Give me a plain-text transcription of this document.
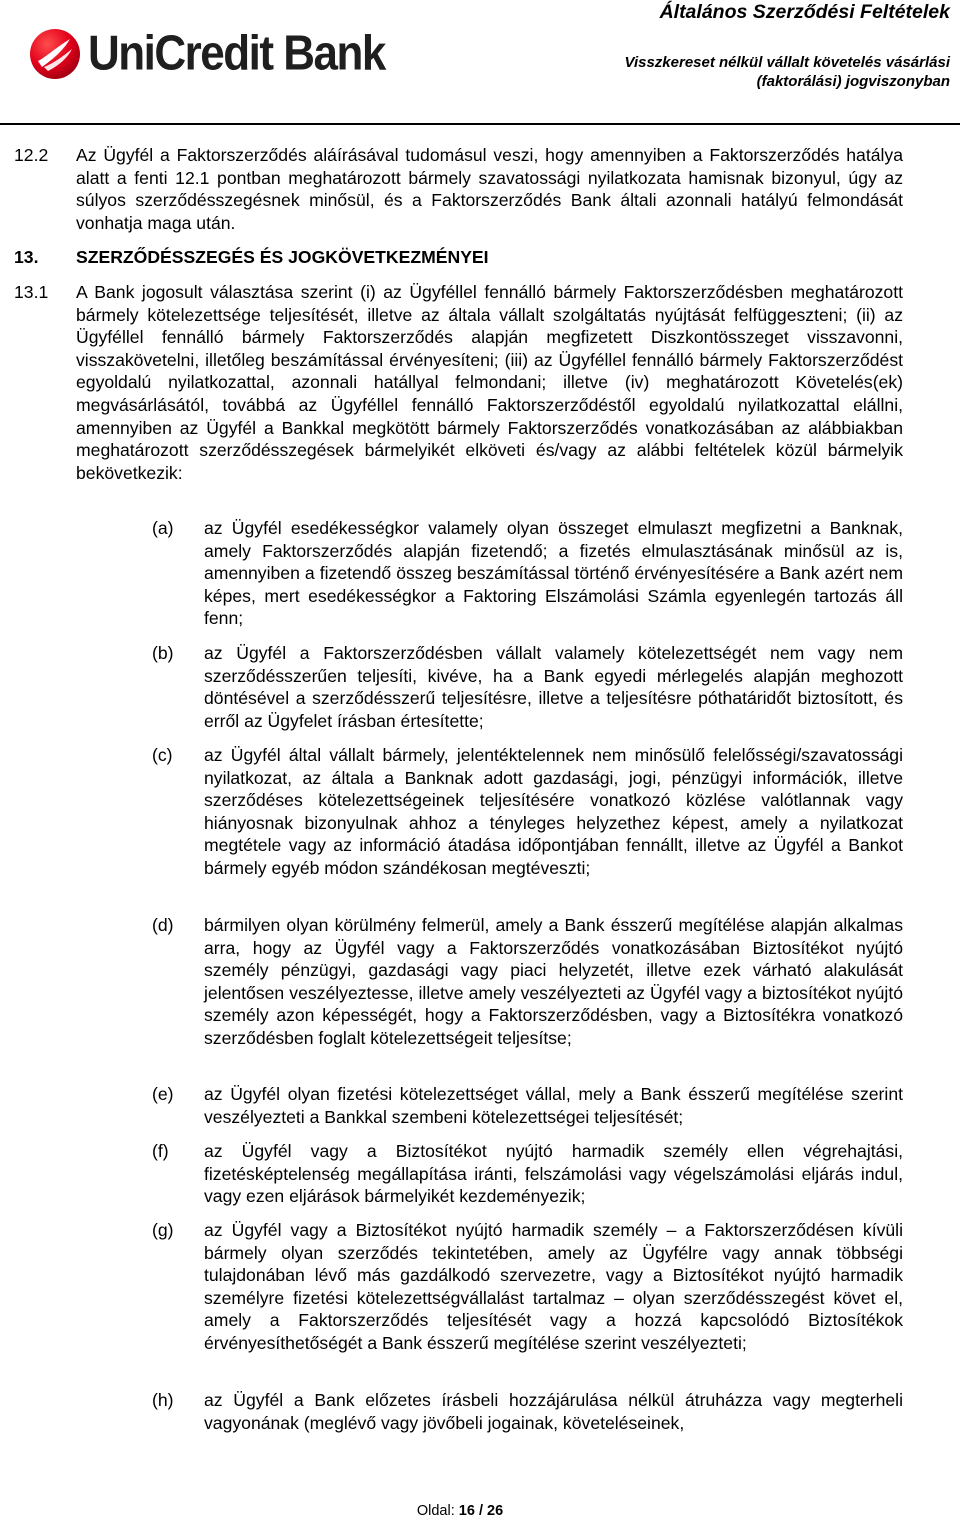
UniCredit Bank
Általános Szerződési Feltételek
Visszkereset nélkül vállalt követelés vásárlási (faktorálási) jogviszonyban
12.2 Az Ügyfél a Faktorszerződés aláírásával tudomásul veszi, hogy amennyiben a Faktorszerződés hatálya alatt a fenti 12.1 pontban meghatározott bármely szavatossági nyilatkozata hamisnak bizonyul, úgy az súlyos szerződésszegésnek minősül, és a Faktorszerződés Bank általi azonnali hatályú felmondását vonhatja maga után.
13. SZERZŐDÉSSZEGÉS ÉS JOGKÖVETKEZMÉNYEI
13.1 A Bank jogosult választása szerint (i) az Ügyféllel fennálló bármely Faktorszerződésben meghatározott bármely kötelezettsége teljesítését, illetve az általa vállalt szolgáltatás nyújtását felfüggeszteni; (ii) az Ügyféllel fennálló bármely Faktorszerződés alapján megfizetett Diszkontösszeget visszavonni, visszakövetelni, illetőleg beszámítással érvényesíteni; (iii) az Ügyféllel fennálló bármely Faktorszerződést egyoldalú nyilatkozattal, azonnali hatállyal felmondani; illetve (iv) meghatározott Követelés(ek) megvásárlásától, továbbá az Ügyféllel fennálló Faktorszerződéstől egyoldalú nyilatkozattal elállni, amennyiben az Ügyfél a Bankkal megkötött bármely Faktorszerződés vonatkozásában az alábbiakban meghatározott szerződésszegések bármelyikét elköveti és/vagy az alábbi feltételek közül bármelyik bekövetkezik:
(a) az Ügyfél esedékességkor valamely olyan összeget elmulaszt megfizetni a Banknak, amely Faktorszerződés alapján fizetendő; a fizetés elmulasztásának minősül az is, amennyiben a fizetendő összeg beszámítással történő érvényesítésére a Bank azért nem képes, mert esedékességkor a Faktoring Elszámolási Számla egyenlegén tartozás áll fenn;
(b) az Ügyfél a Faktorszerződésben vállalt valamely kötelezettségét nem vagy nem szerződésszerűen teljesíti, kivéve, ha a Bank egyedi mérlegelés alapján meghozott döntésével a szerződésszerű teljesítésre, illetve a teljesítésre póthatáridőt biztosított, és erről az Ügyfelet írásban értesítette;
(c) az Ügyfél által vállalt bármely, jelentéktelennek nem minősülő felelősségi/szavatossági nyilatkozat, az általa a Banknak adott gazdasági, jogi, pénzügyi információk, illetve szerződéses kötelezettségeinek teljesítésére vonatkozó közlése valótlannak vagy hiányosnak bizonyulnak ahhoz a tényleges helyzethez képest, amely a nyilatkozat megtétele vagy az információ átadása időpontjában fennállt, illetve az Ügyfél a Bankot bármely egyéb módon szándékosan megtéveszti;
(d) bármilyen olyan körülmény felmerül, amely a Bank ésszerű megítélése alapján alkalmas arra, hogy az Ügyfél vagy a Faktorszerződés vonatkozásában Biztosítékot nyújtó személy pénzügyi, gazdasági vagy piaci helyzetét, illetve ezek várható alakulását jelentősen veszélyeztesse, illetve amely veszélyezteti az Ügyfél vagy a biztosítékot nyújtó személy azon képességét, hogy a Faktorszerződésben, vagy a Biztosítékra vonatkozó szerződésben foglalt kötelezettségeit teljesítse;
(e) az Ügyfél olyan fizetési kötelezettséget vállal, mely a Bank ésszerű megítélése szerint veszélyezteti a Bankkal szembeni kötelezettségei teljesítését;
(f) az Ügyfél vagy a Biztosítékot nyújtó harmadik személy ellen végrehajtási, fizetésképtelenség megállapítása iránti, felszámolási vagy végelszámolási eljárás indul, vagy ezen eljárások bármelyikét kezdeményezik;
(g) az Ügyfél vagy a Biztosítékot nyújtó harmadik személy – a Faktorszerződésen kívüli bármely olyan szerződés tekintetében, amely az Ügyfélre vagy annak többségi tulajdonában lévő más gazdálkodó szervezetre, vagy a Biztosítékot nyújtó harmadik személyre fizetési kötelezettségvállalást tartalmaz – olyan szerződésszegést követ el, amely a Faktorszerződés teljesítését vagy a hozzá kapcsolódó Biztosítékok érvényesíthetőségét a Bank ésszerű megítélése szerint veszélyezteti;
(h) az Ügyfél a Bank előzetes írásbeli hozzájárulása nélkül átruházza vagy megterheli vagyonának (meglévő vagy jövőbeli jogainak, követeléseinek,
Oldal: 16 / 26
